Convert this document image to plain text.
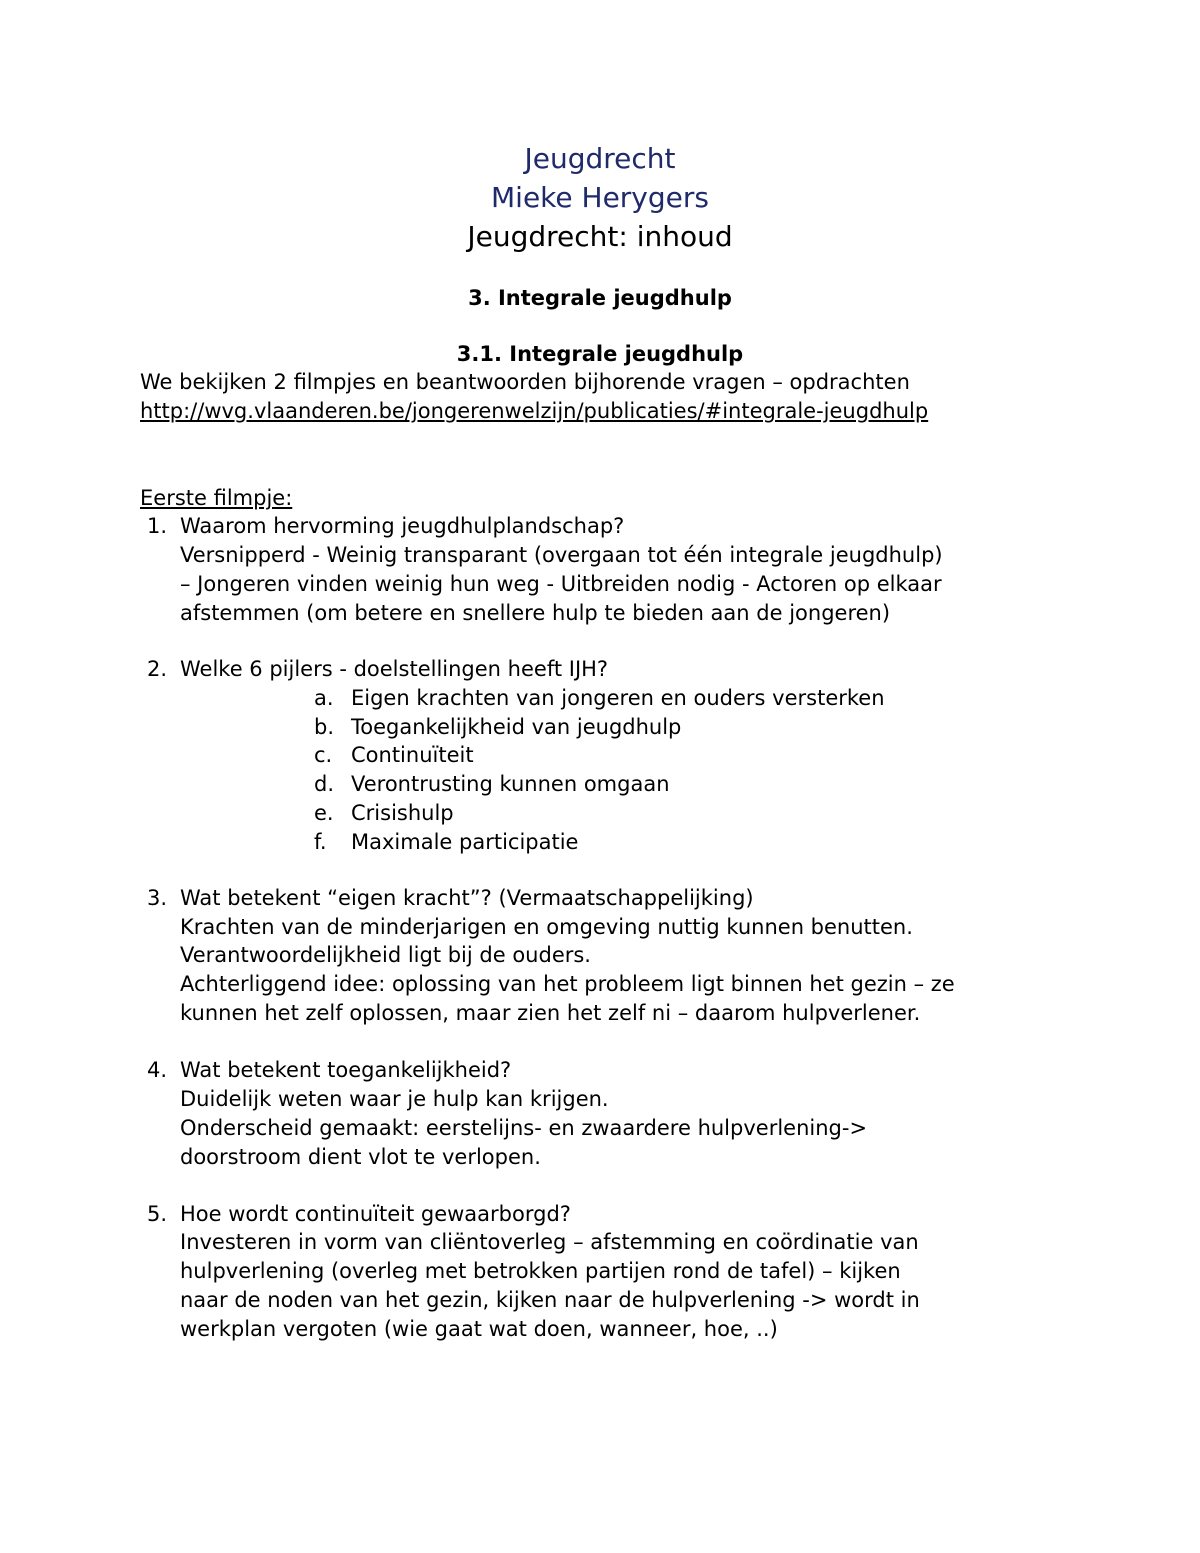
Jeugdrecht
Mieke Herygers
Jeugdrecht: inhoud
3. Integrale jeugdhulp
3.1. Integrale jeugdhulp
We bekijken 2 filmpjes en beantwoorden bijhorende vragen – opdrachten
http://wvg.vlaanderen.be/jongerenwelzijn/publicaties/#integrale-jeugdhulp
Eerste filmpje:
1. Waarom hervorming jeugdhulplandschap?
Versnipperd - Weinig transparant (overgaan tot één integrale jeugdhulp)
– Jongeren vinden weinig hun weg - Uitbreiden nodig - Actoren op elkaar
afstemmen (om betere en snellere hulp te bieden aan de jongeren)
2. Welke 6 pijlers - doelstellingen heeft IJH?
a. Eigen krachten van jongeren en ouders versterken
b. Toegankelijkheid van jeugdhulp
c. Continuïteit
d. Verontrusting kunnen omgaan
e. Crisishulp
f. Maximale participatie
3. Wat betekent “eigen kracht”? (Vermaatschappelijking)
Krachten van de minderjarigen en omgeving nuttig kunnen benutten.
Verantwoordelijkheid ligt bij de ouders.
Achterliggend idee: oplossing van het probleem ligt binnen het gezin – ze
kunnen het zelf oplossen, maar zien het zelf ni – daarom hulpverlener.
4. Wat betekent toegankelijkheid?
Duidelijk weten waar je hulp kan krijgen.
Onderscheid gemaakt: eerstelijns- en zwaardere hulpverlening->
doorstroom dient vlot te verlopen.
5. Hoe wordt continuïteit gewaarborgd?
Investeren in vorm van cliëntoverleg – afstemming en coördinatie van
hulpverlening (overleg met betrokken partijen rond de tafel) – kijken
naar de noden van het gezin, kijken naar de hulpverlening -> wordt in
werkplan vergoten (wie gaat wat doen, wanneer, hoe, ..)
